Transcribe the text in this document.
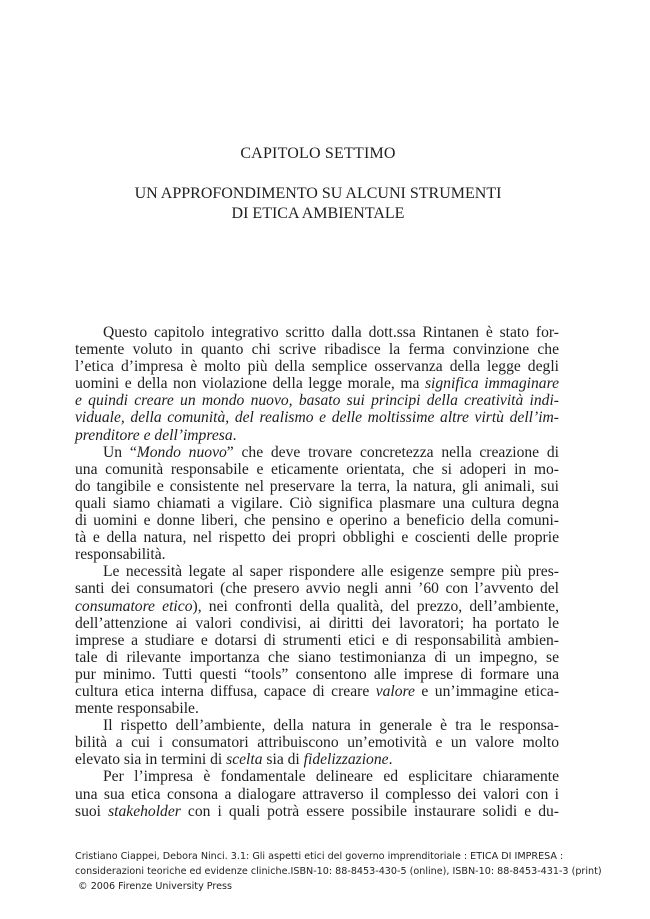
CAPITOLO SETTIMO
UN APPROFONDIMENTO SU ALCUNI STRUMENTI
DI ETICA AMBIENTALE
Questo capitolo integrativo scritto dalla dott.ssa Rintanen è stato for-
temente voluto in quanto chi scrive ribadisce la ferma convinzione che
l’etica d’impresa è molto più della semplice osservanza della legge degli
uomini e della non violazione della legge morale, ma significa immaginare
e quindi creare un mondo nuovo, basato sui principi della creatività indi-
viduale, della comunità, del realismo e delle moltissime altre virtù dell’im-
prenditore e dell’impresa.
Un “Mondo nuovo” che deve trovare concretezza nella creazione di
una comunità responsabile e eticamente orientata, che si adoperi in mo-
do tangibile e consistente nel preservare la terra, la natura, gli animali, sui
quali siamo chiamati a vigilare. Ciò significa plasmare una cultura degna
di uomini e donne liberi, che pensino e operino a beneficio della comuni-
tà e della natura, nel rispetto dei propri obblighi e coscienti delle proprie
responsabilità.
Le necessità legate al saper rispondere alle esigenze sempre più pres-
santi dei consumatori (che presero avvio negli anni ’60 con l’avvento del
consumatore etico), nei confronti della qualità, del prezzo, dell’ambiente,
dell’attenzione ai valori condivisi, ai diritti dei lavoratori; ha portato le
imprese a studiare e dotarsi di strumenti etici e di responsabilità ambien-
tale di rilevante importanza che siano testimonianza di un impegno, se
pur minimo. Tutti questi “tools” consentono alle imprese di formare una
cultura etica interna diffusa, capace di creare valore e un’immagine etica-
mente responsabile.
Il rispetto dell’ambiente, della natura in generale è tra le responsa-
bilità a cui i consumatori attribuiscono un’emotività e un valore molto
elevato sia in termini di scelta sia di fidelizzazione.
Per l’impresa è fondamentale delineare ed esplicitare chiaramente
una sua etica consona a dialogare attraverso il complesso dei valori con i
suoi stakeholder con i quali potrà essere possibile instaurare solidi e du-
Cristiano Ciappei, Debora Ninci. 3.1: Gli aspetti etici del governo imprenditoriale : ETICA DI IMPRESA :
considerazioni teoriche ed evidenze cliniche.ISBN-10: 88-8453-430-5 (online), ISBN-10: 88-8453-431-3 (print)
© 2006 Firenze University Press
